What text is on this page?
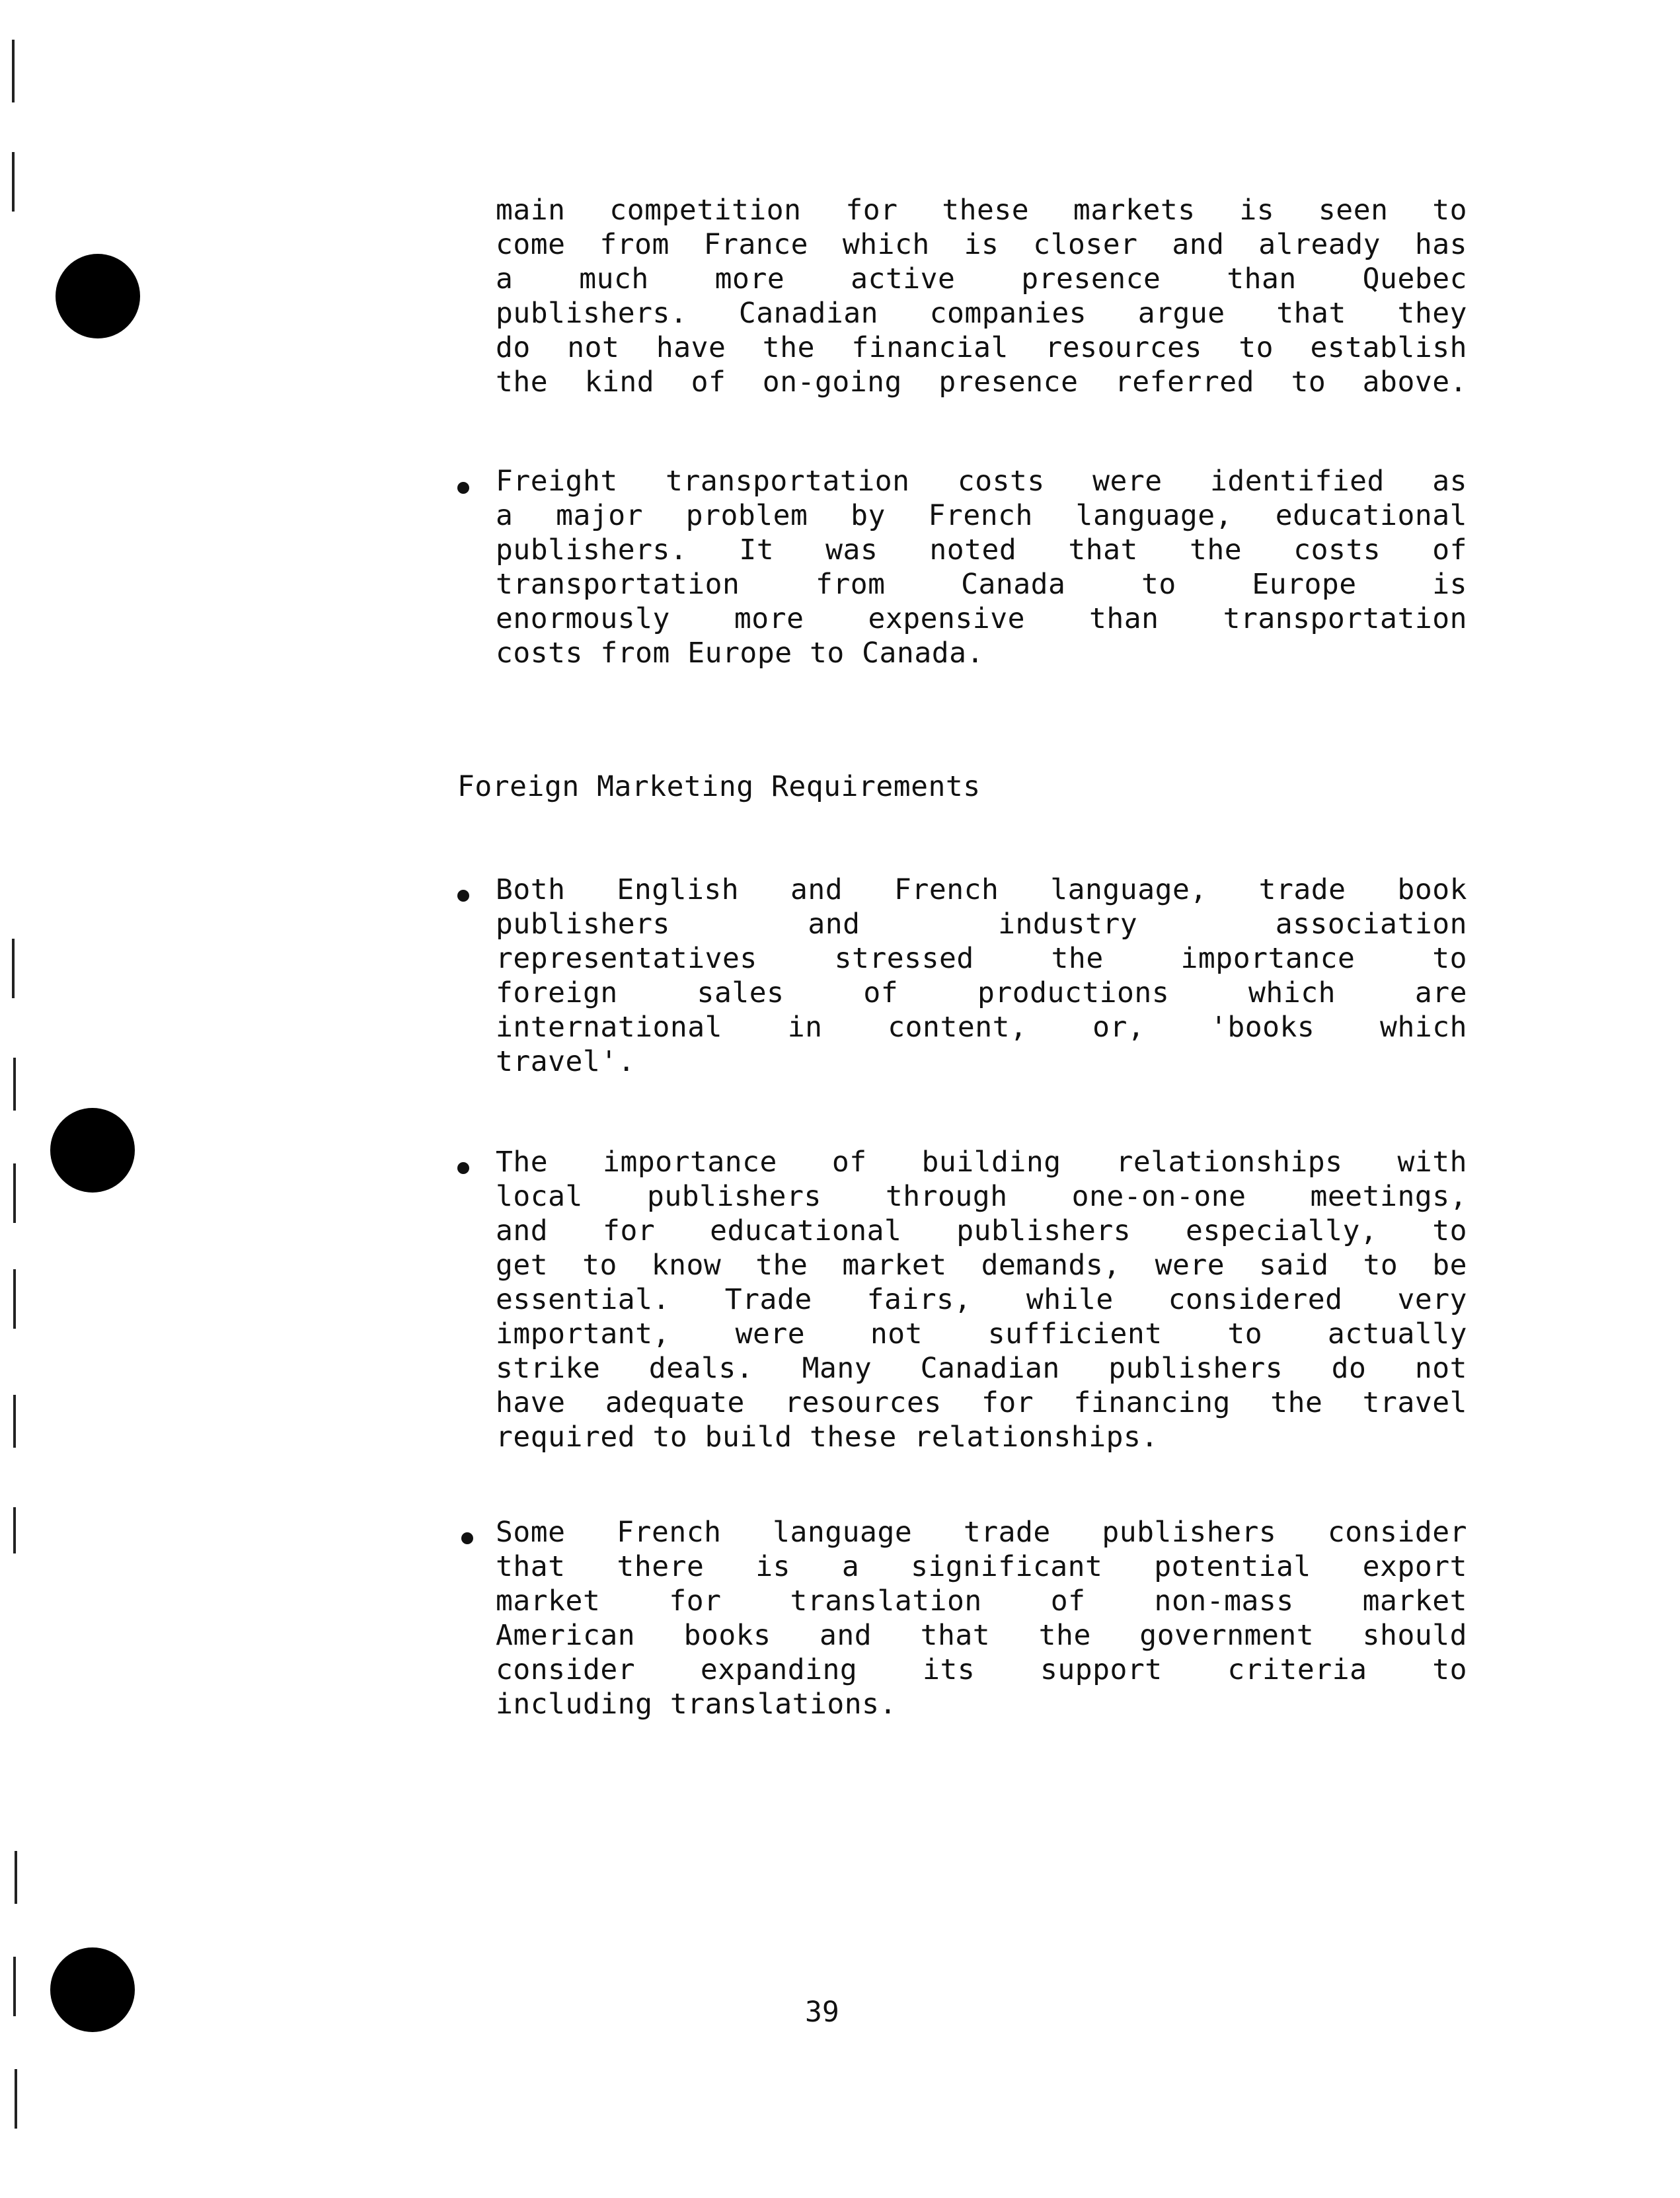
main competition for these markets is seen to
come from France which is closer and already has
a much more active presence than Quebec
publishers. Canadian companies argue that they
do not have the financial resources to establish
the kind of on-going presence referred to above.
Freight transportation costs were identified as
a major problem by French language, educational
publishers. It was noted that the costs of
transportation from Canada to Europe is
enormously more expensive than transportation
costs from Europe to Canada.
Foreign Marketing Requirements
Both English and French language, trade book
publishers and industry association
representatives stressed the importance to
foreign sales of productions which are
international in content, or, 'books which
travel'.
The importance of building relationships with
local publishers through one-on-one meetings,
and for educational publishers especially, to
get to know the market demands, were said to be
essential. Trade fairs, while considered very
important, were not sufficient to actually
strike deals. Many Canadian publishers do not
have adequate resources for financing the travel
required to build these relationships.
Some French language trade publishers consider
that there is a significant potential export
market for translation of non-mass market
American books and that the government should
consider expanding its support criteria to
including translations.
39
